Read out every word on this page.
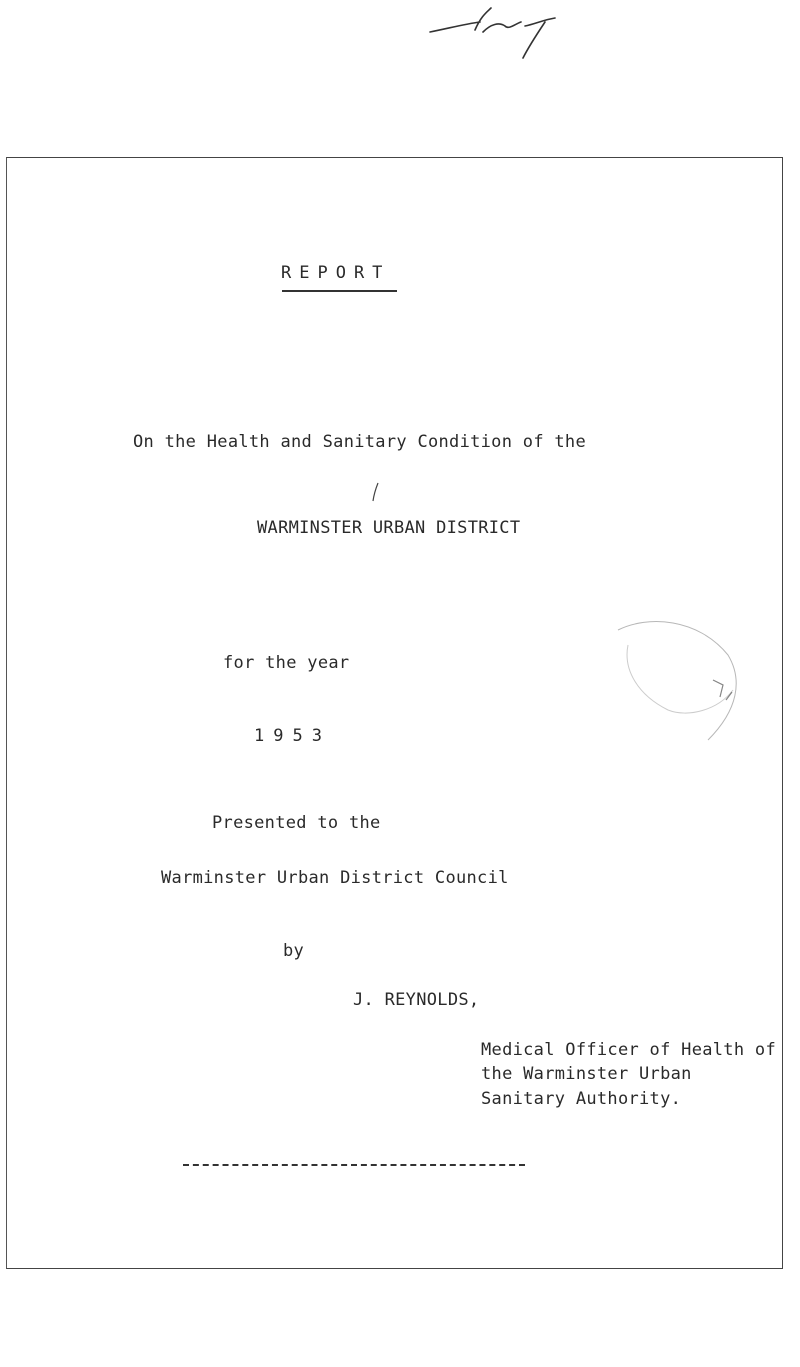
REPORT
On the Health and Sanitary Condition of the
WARMINSTER URBAN DISTRICT
for the year
1953
Presented to the
Warminster Urban District Council
by
J. REYNOLDS,
Medical Officer of Health of
the Warminster Urban
Sanitary Authority.
